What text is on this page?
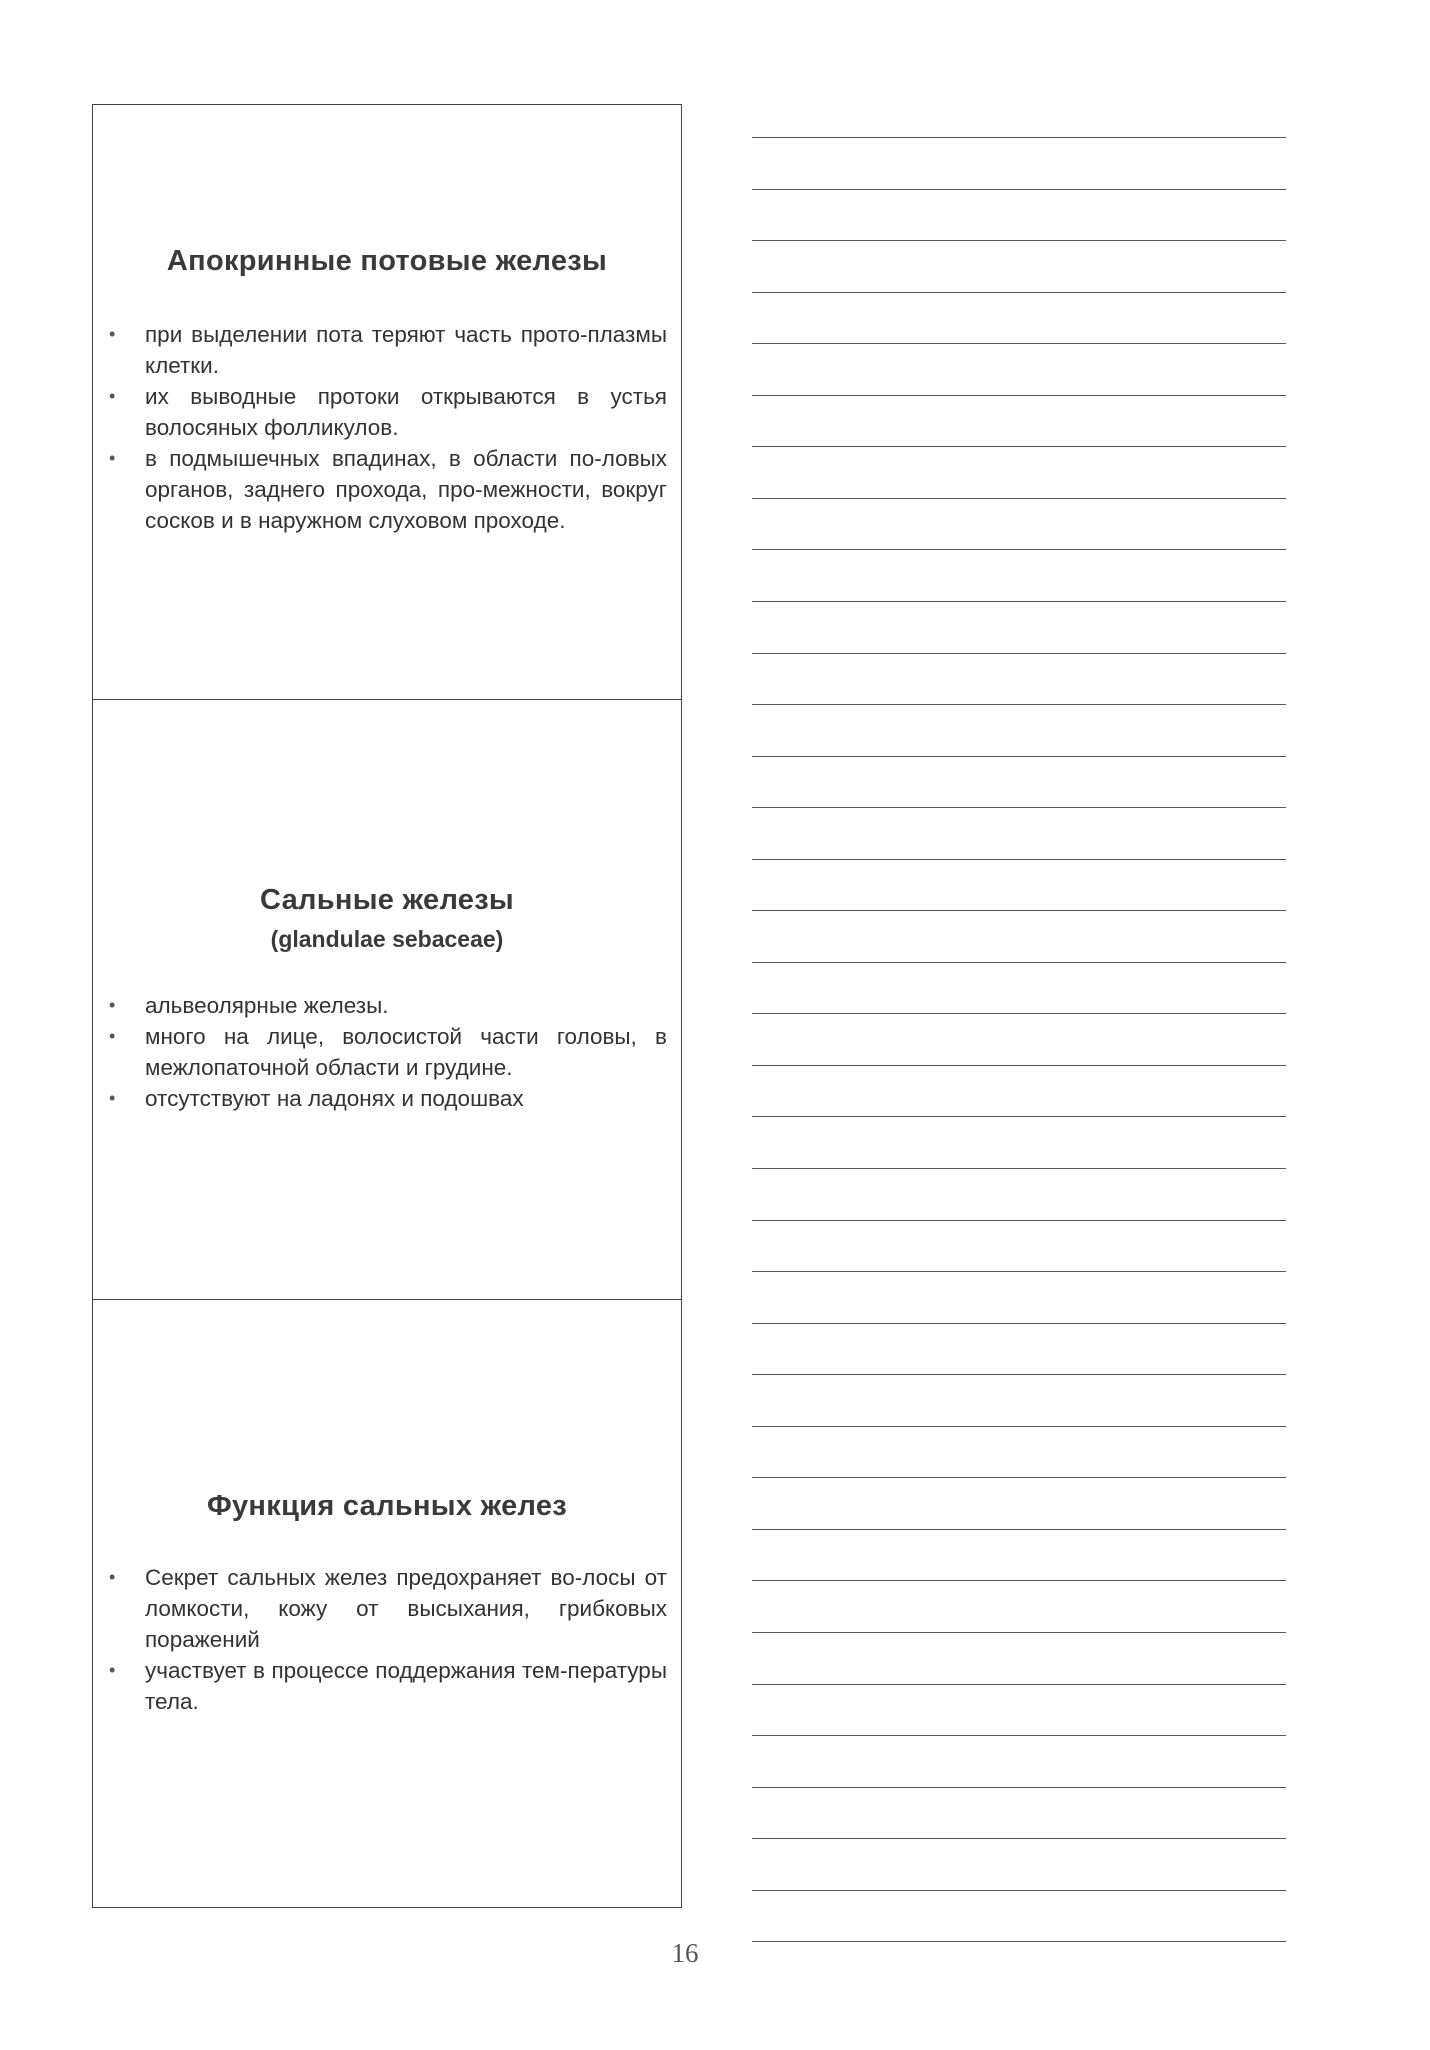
Апокринные потовые железы
• при выделении пота теряют часть прото-плазмы клетки.
• их выводные протоки открываются в устья волосяных фолликулов.
• в подмышечных впадинах, в области по-ловых органов, заднего прохода, про-межности, вокруг сосков и в наружном слуховом проходе.
Сальные железы
(glandulae sebaceae)
• альвеолярные железы.
• много на лице, волосистой части головы, в межлопаточной области и грудине.
• отсутствуют на ладонях и подошвах
Функция сальных желез
• Секрет сальных желез предохраняет во-лосы от ломкости, кожу от высыхания, грибковых поражений
• участвует в процессе поддержания тем-пературы тела.
16
